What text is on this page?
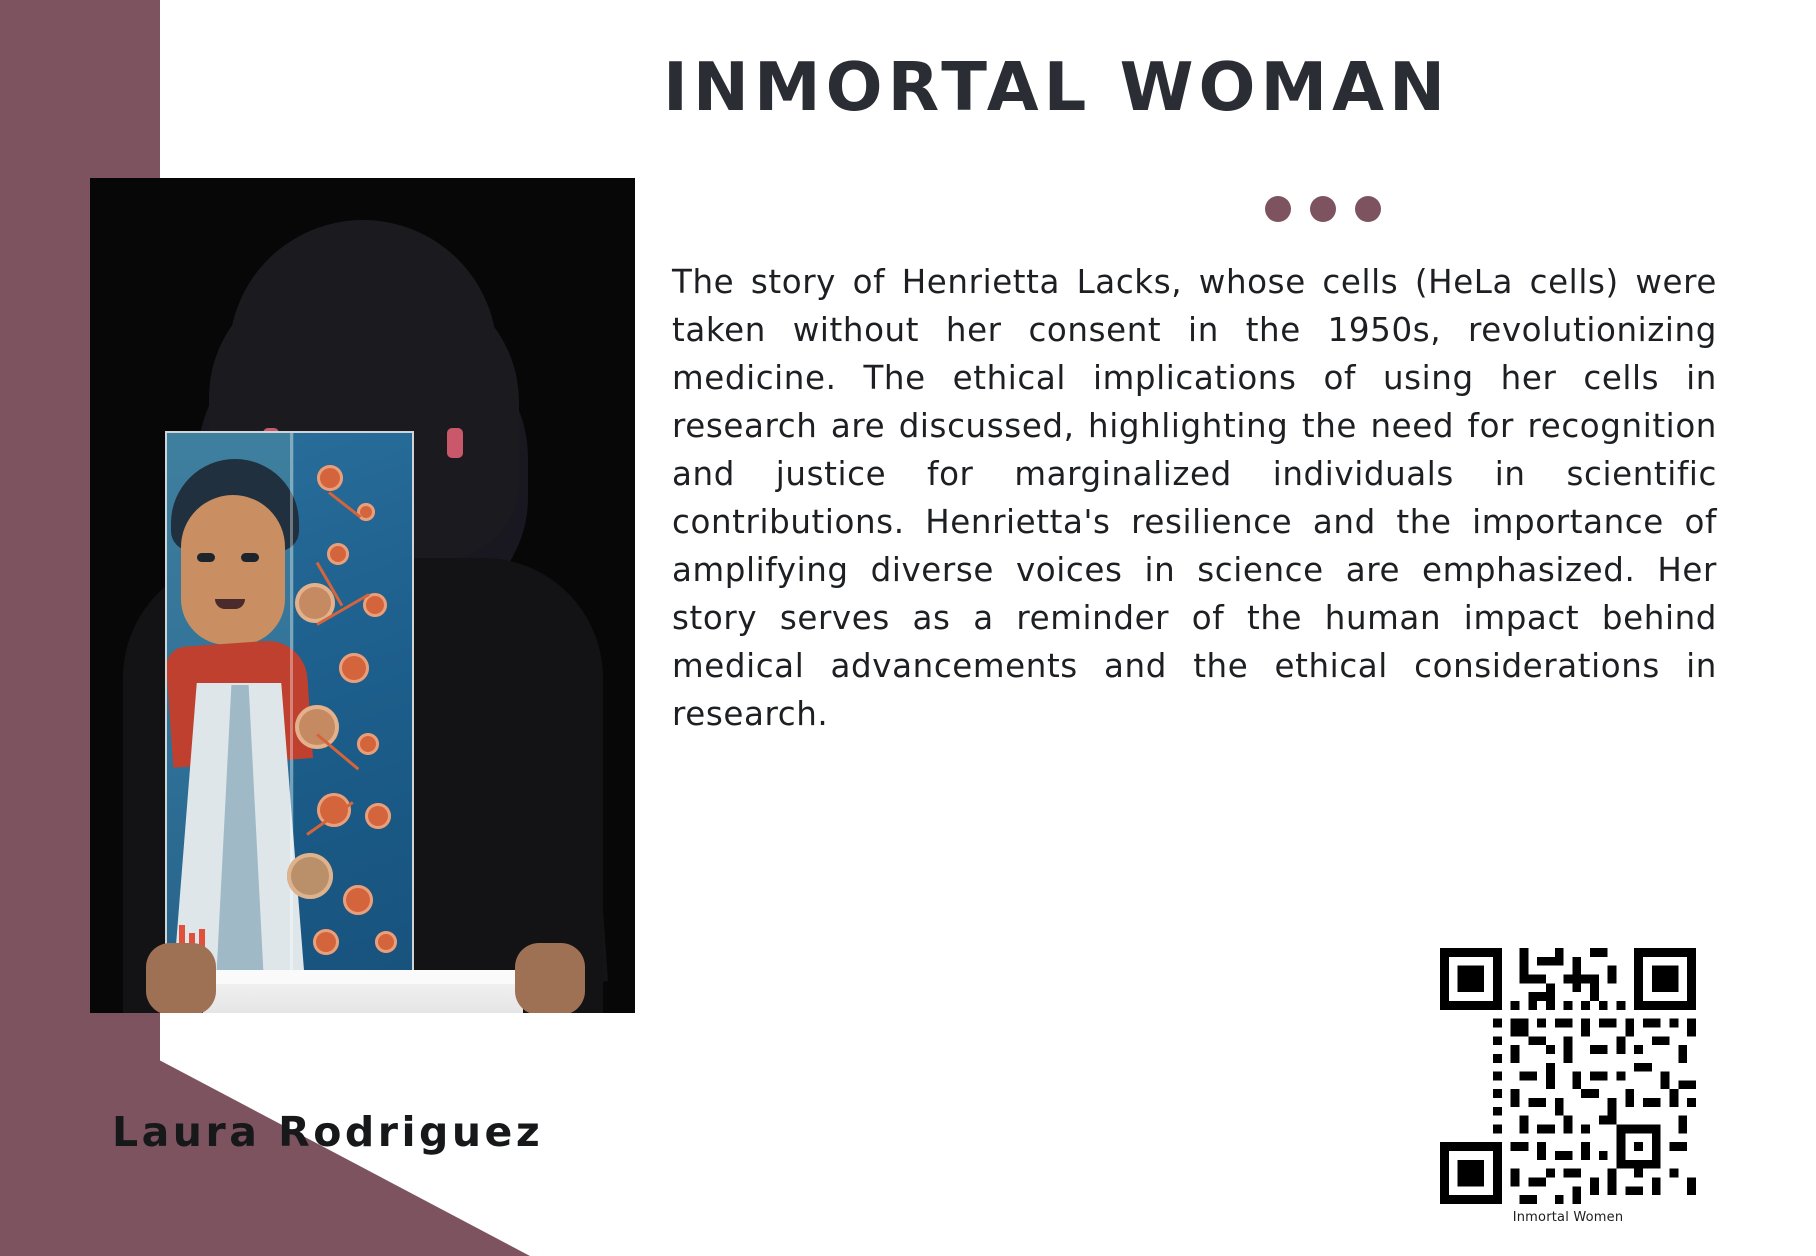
Laura Rodriguez
INMORTAL WOMAN
The story of Henrietta Lacks, whose cells (HeLa cells) were taken without her consent in the 1950s, revolutionizing medicine. The ethical implications of using her cells in research are discussed, highlighting the need for recognition and justice for marginalized individuals in scientific contributions. Henrietta's resilience and the importance of amplifying diverse voices in science are emphasized. Her story serves as a reminder of the human impact behind medical advancements and the ethical considerations in research.
Inmortal Women
